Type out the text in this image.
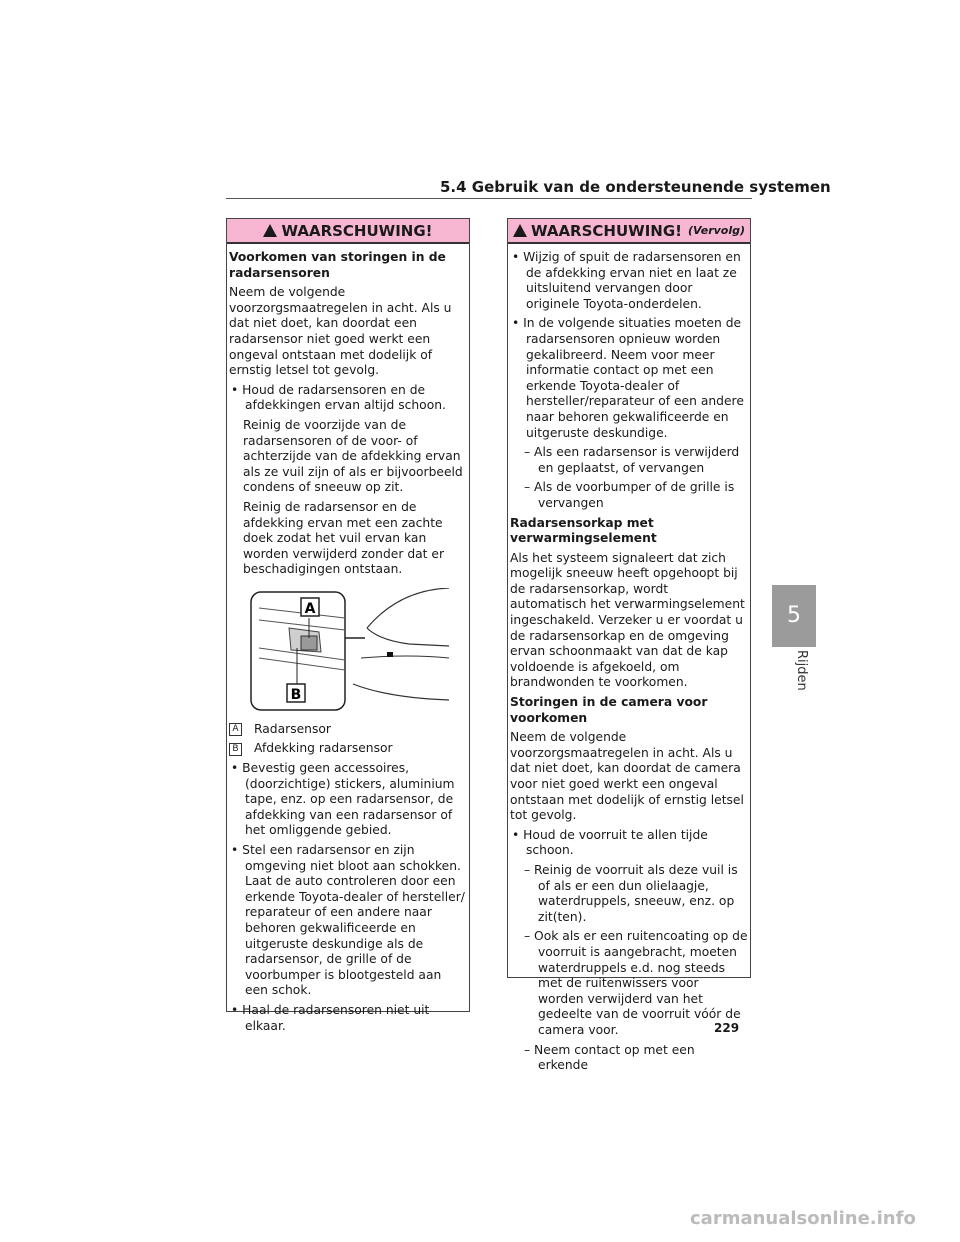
5.4 Gebruik van de ondersteunende systemen
WAARSCHUWING!

Voorkomen van storingen in de radarsensoren

Neem de volgende voorzorgsmaatregelen in acht. Als u dat niet doet, kan doordat een radarsensor niet goed werkt een ongeval ontstaan met dodelijk of ernstig letsel tot gevolg.

• Houd de radarsensoren en de afdekkingen ervan altijd schoon.

Reinig de voorzijde van de radarsensoren of de voor- of achterzijde van de afdekking ervan als ze vuil zijn of als er bijvoorbeeld condens of sneeuw op zit.

Reinig de radarsensor en de afdekking ervan met een zachte doek zodat het vuil ervan kan worden verwijderd zonder dat er beschadigingen ontstaan.

A
B

A Radarsensor

B Afdekking radarsensor

• Bevestig geen accessoires, (doorzichtige) stickers, aluminium tape, enz. op een radarsensor, de afdekking van een radarsensor of het omliggende gebied.

• Stel een radarsensor en zijn omgeving niet bloot aan schokken. Laat de auto controleren door een erkende Toyota-dealer of hersteller/ reparateur of een andere naar behoren gekwalificeerde en uitgeruste deskundige als de radarsensor, de grille of de voorbumper is blootgesteld aan een schok.

• Haal de radarsensoren niet uit elkaar.

WAARSCHUWING! (Vervolg)

• Wijzig of spuit de radarsensoren en de afdekking ervan niet en laat ze uitsluitend vervangen door originele Toyota-onderdelen.

• In de volgende situaties moeten de radarsensoren opnieuw worden gekalibreerd. Neem voor meer informatie contact op met een erkende Toyota-dealer of hersteller/reparateur of een andere naar behoren gekwalificeerde en uitgeruste deskundige.

– Als een radarsensor is verwijderd en geplaatst, of vervangen

– Als de voorbumper of de grille is vervangen

Radarsensorkap met verwarmingselement

Als het systeem signaleert dat zich mogelijk sneeuw heeft opgehoopt bij de radarsensorkap, wordt automatisch het verwarmingselement ingeschakeld. Verzeker u er voordat u de radarsensorkap en de omgeving ervan schoonmaakt van dat de kap voldoende is afgekoeld, om brandwonden te voorkomen.

Storingen in de camera voor voorkomen

Neem de volgende voorzorgsmaatregelen in acht. Als u dat niet doet, kan doordat de camera voor niet goed werkt een ongeval ontstaan met dodelijk of ernstig letsel tot gevolg.

• Houd de voorruit te allen tijde schoon.

– Reinig de voorruit als deze vuil is of als er een dun olielaagje, waterdruppels, sneeuw, enz. op zit(ten).

– Ook als er een ruitencoating op de voorruit is aangebracht, moeten waterdruppels e.d. nog steeds met de ruitenwissers voor worden verwijderd van het gedeelte van de voorruit vóór de camera voor.

– Neem contact op met een erkende

5
Rijden
229
carmanualsonline.info
